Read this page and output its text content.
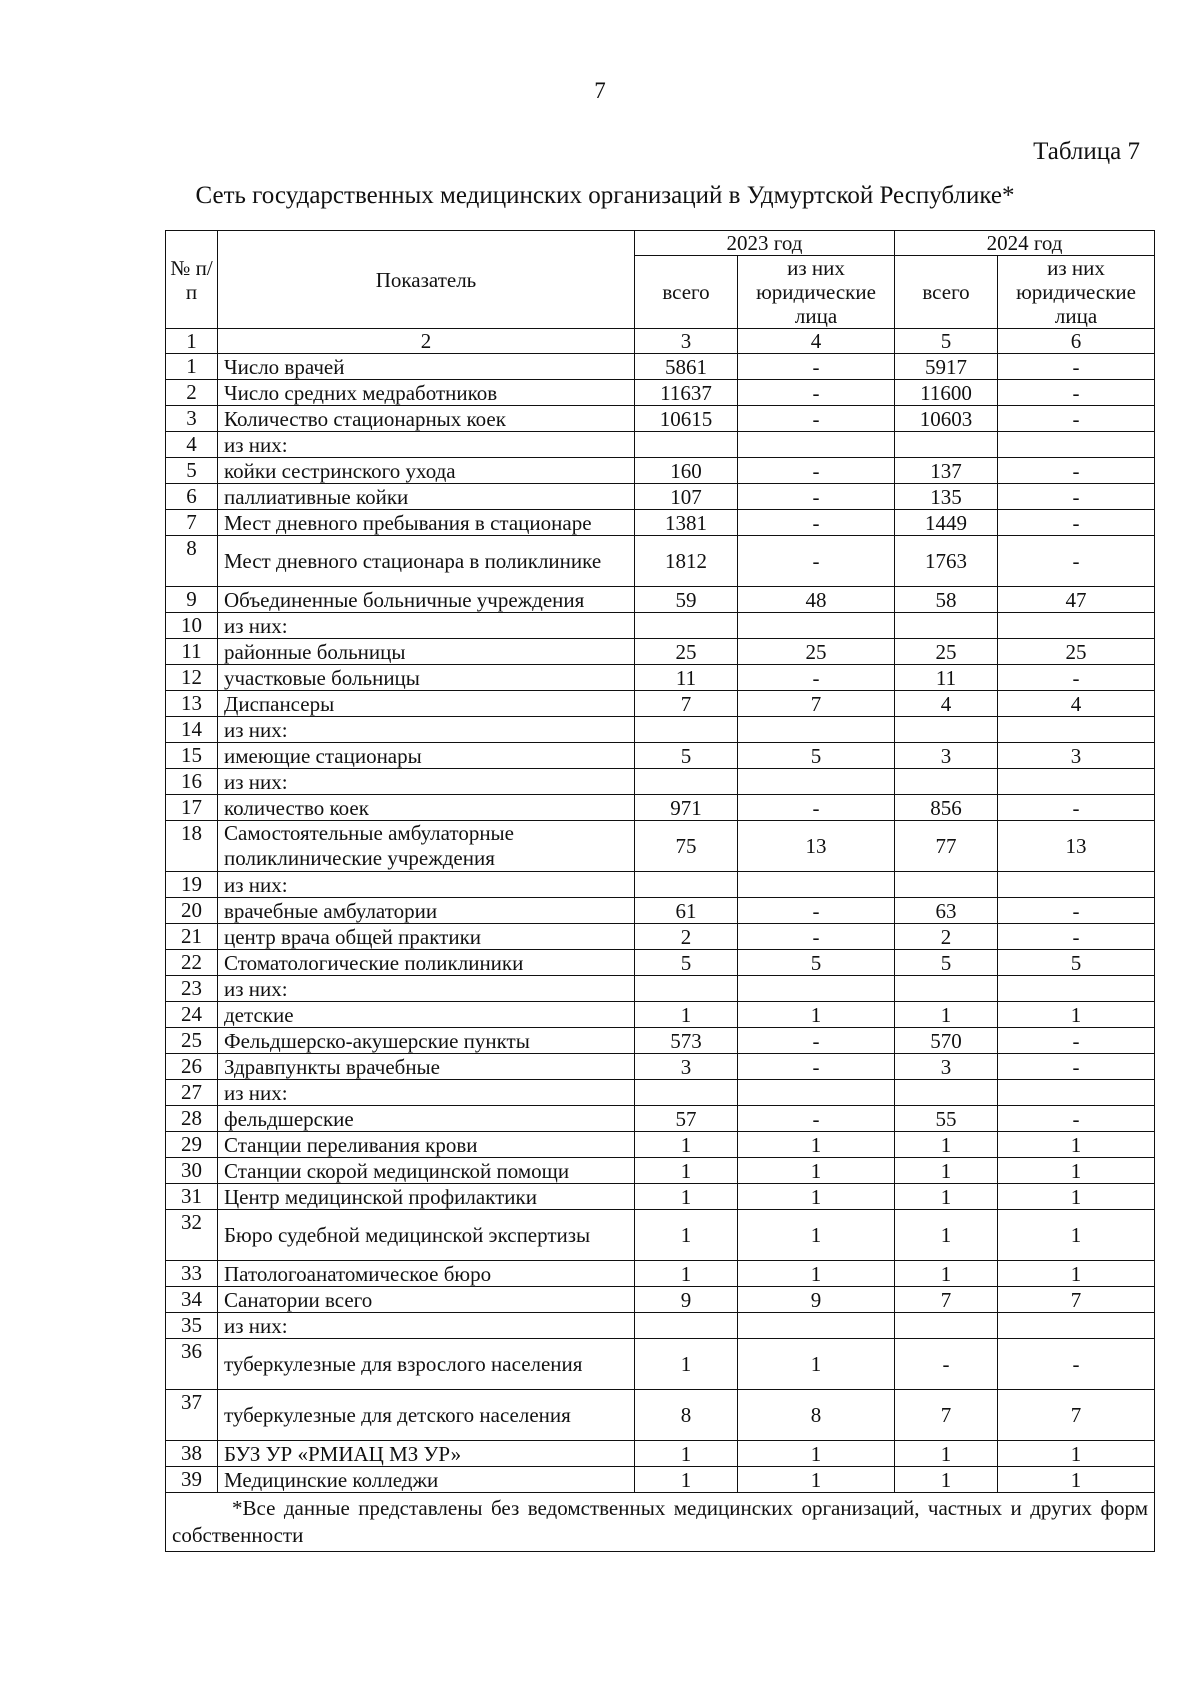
7
Таблица 7
Сеть государственных медицинских организаций в Удмуртской Республике*
№ п/п	Показатель	2023 год		2024 год	
		всего	из них юридические лица	всего	из них юридические лица
1	2	3	4	5	6
1	Число врачей	5861	-	5917	-
2	Число средних медработников	11637	-	11600	-
3	Количество стационарных коек	10615	-	10603	-
4	из них:				
5	койки сестринского ухода	160	-	137	-
6	паллиативные койки	107	-	135	-
7	Мест дневного пребывания в стационаре	1381	-	1449	-
8	Мест дневного стационара в поликлинике	1812	-	1763	-
9	Объединенные больничные учреждения	59	48	58	47
10	из них:				
11	районные больницы	25	25	25	25
12	участковые больницы	11	-	11	-
13	Диспансеры	7	7	4	4
14	из них:				
15	имеющие стационары	5	5	3	3
16	из них:				
17	количество коек	971	-	856	-
18	Самостоятельные амбулаторные поликлинические учреждения	75	13	77	13
19	из них:				
20	врачебные амбулатории	61	-	63	-
21	центр врача общей практики	2	-	2	-
22	Стоматологические поликлиники	5	5	5	5
23	из них:				
24	детские	1	1	1	1
25	Фельдшерско-акушерские пункты	573	-	570	-
26	Здравпункты врачебные	3	-	3	-
27	из них:				
28	фельдшерские	57	-	55	-
29	Станции переливания крови	1	1	1	1
30	Станции скорой медицинской помощи	1	1	1	1
31	Центр медицинской профилактики	1	1	1	1
32	Бюро судебной медицинской экспертизы	1	1	1	1
33	Патологоанатомическое бюро	1	1	1	1
34	Санатории всего	9	9	7	7
35	из них:				
36	туберкулезные для взрослого населения	1	1	-	-
37	туберкулезные для детского населения	8	8	7	7
38	БУЗ УР «РМИАЦ МЗ УР»	1	1	1	1
39	Медицинские колледжи	1	1	1	1
*Все данные представлены без ведомственных медицинских организаций, частных и других форм собственности					
